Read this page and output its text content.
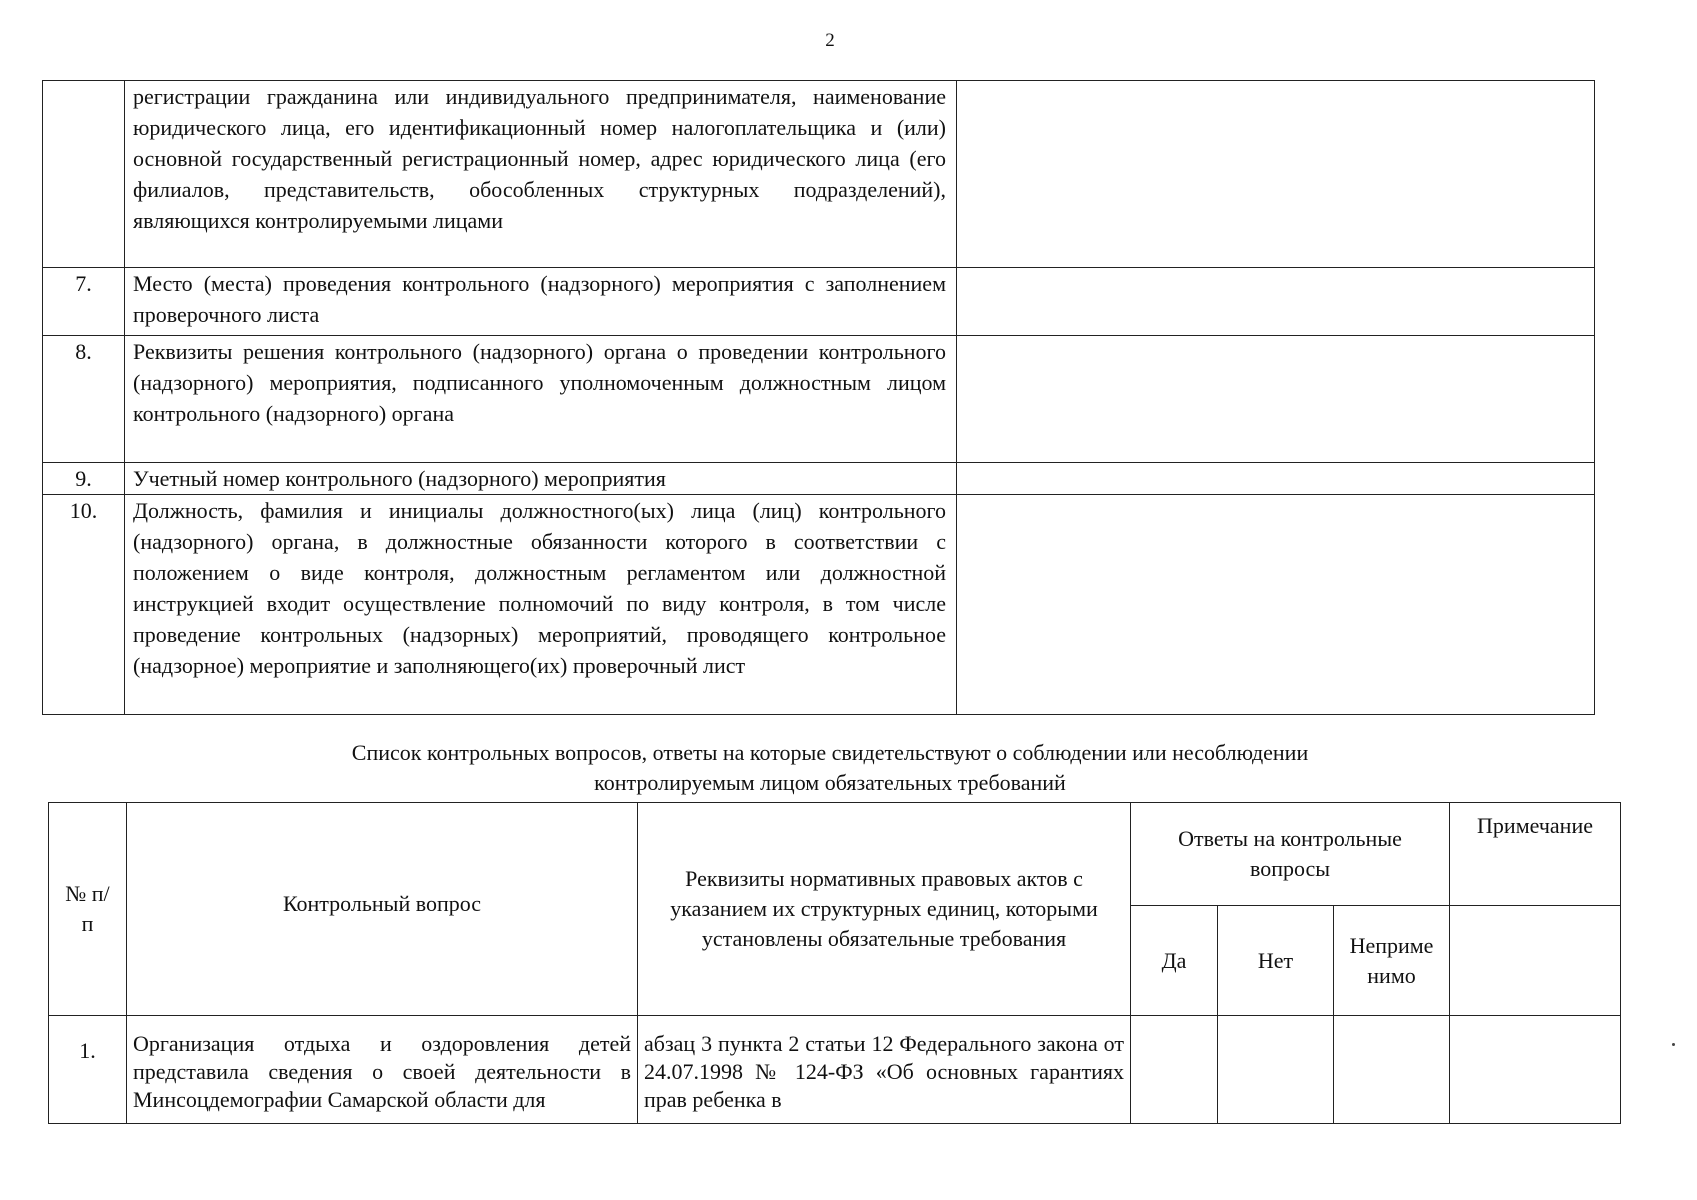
2
	регистрации гражданина или индивидуального предпринимателя, наименование юридического лица, его идентификационный номер налогоплательщика и (или) основной государственный регистрационный номер, адрес юридического лица (его филиалов, представительств, обособленных структурных подразделений), являющихся контролируемыми лицами	
7.	Место (места) проведения контрольного (надзорного) мероприятия с заполнением проверочного листа	
8.	Реквизиты решения контрольного (надзорного) органа о проведении контрольного (надзорного) мероприятия, подписанного уполномоченным должностным лицом контрольного (надзорного) органа	
9.	Учетный номер контрольного (надзорного) мероприятия	
10.	Должность, фамилия и инициалы должностного(ых) лица (лиц) контрольного (надзорного) органа, в должностные обязанности которого в соответствии с положением о виде контроля, должностным регламентом или должностной инструкцией входит осуществление полномочий по виду контроля, в том числе проведение контрольных (надзорных) мероприятий, проводящего контрольное (надзорное) мероприятие и заполняющего(их) проверочный лист	
Список контрольных вопросов, ответы на которые свидетельствуют о соблюдении или несоблюдении
контролируемым лицом обязательных требований
№ п/п	Контрольный вопрос	Реквизиты нормативных правовых актов с указанием их структурных единиц, которыми установлены обязательные требования	Ответы на контрольные вопросы			Примечание
			Да	Нет	Неприме
нимо	
1.	Организация отдыха и оздоровления детей представила сведения о своей деятельности в Минсоцдемографии Самарской области для	абзац 3 пункта 2 статьи 12 Федерального закона от 24.07.1998 № 124-ФЗ «Об основных гарантиях прав ребенка в				
